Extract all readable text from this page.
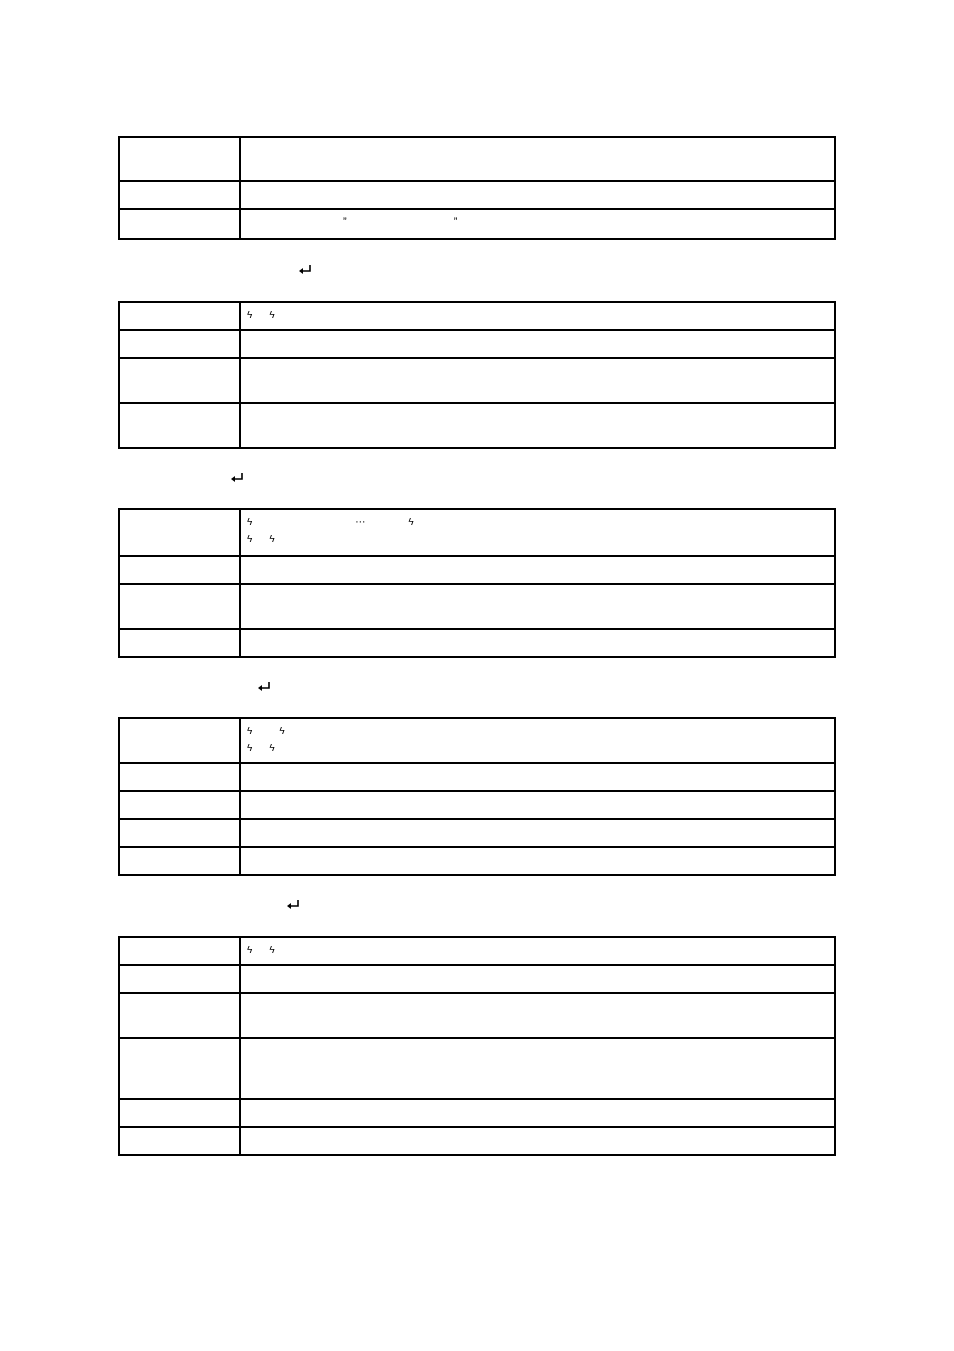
	” ”
	ϟ ϟ

	ϟ ⋯ ϟ
ϟ ϟ

	ϟ ϟ
ϟ ϟ

	ϟ ϟ
